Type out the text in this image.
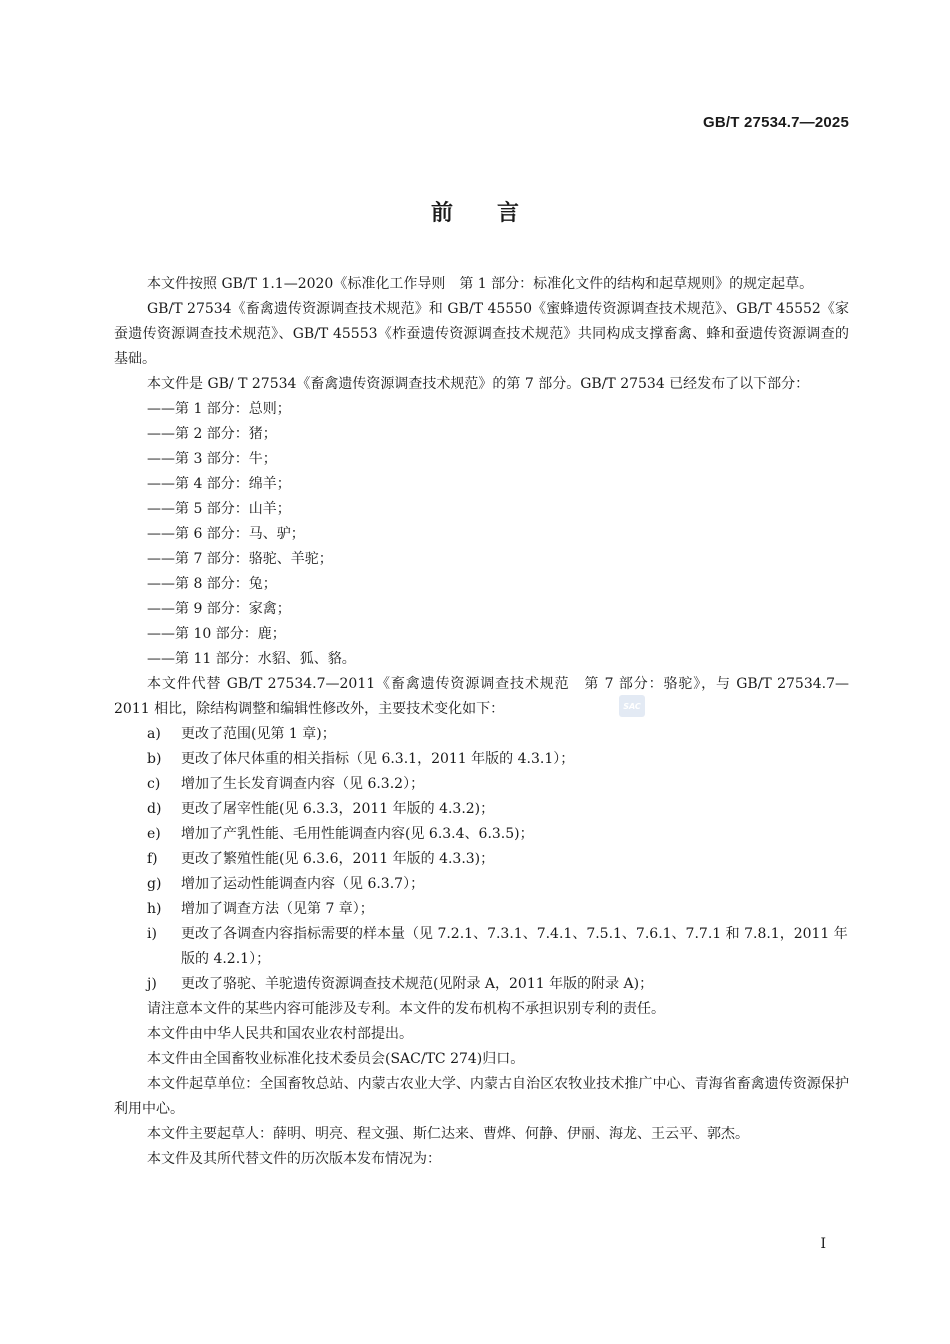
GB/T 27534.7—2025
前　　言

本文件按照 GB/T 1.1—2020《标准化工作导则　第 1 部分：标准化文件的结构和起草规则》的规定起草。

GB/T 27534《畜禽遗传资源调查技术规范》和 GB/T 45550《蜜蜂遗传资源调查技术规范》、GB/T 45552《家蚕遗传资源调查技术规范》、GB/T 45553《柞蚕遗传资源调查技术规范》共同构成支撑畜禽、蜂和蚕遗传资源调查的基础。

本文件是 GB/ T 27534《畜禽遗传资源调查技术规范》的第 7 部分。GB/T 27534 已经发布了以下部分：

——第 1 部分：总则；

——第 2 部分：猪；

——第 3 部分：牛；

——第 4 部分：绵羊；

——第 5 部分：山羊；

——第 6 部分：马、驴；

——第 7 部分：骆驼、羊驼；

——第 8 部分：兔；

——第 9 部分：家禽；

——第 10 部分：鹿；

——第 11 部分：水貂、狐、貉。

本文件代替 GB/T 27534.7—2011《畜禽遗传资源调查技术规范　第 7 部分：骆驼》，与 GB/T 27534.7—2011 相比，除结构调整和编辑性修改外，主要技术变化如下：

a) 更改了范围(见第 1 章)；

b) 更改了体尺体重的相关指标（见 6.3.1，2011 年版的 4.3.1）；

c) 增加了生长发育调查内容（见 6.3.2）；

d) 更改了屠宰性能(见 6.3.3，2011 年版的 4.3.2)；

e) 增加了产乳性能、毛用性能调查内容(见 6.3.4、6.3.5)；

f) 更改了繁殖性能(见 6.3.6，2011 年版的 4.3.3)；

g) 增加了运动性能调查内容（见 6.3.7）；

h) 增加了调查方法（见第 7 章）；

i) 更改了各调查内容指标需要的样本量（见 7.2.1、7.3.1、7.4.1、7.5.1、7.6.1、7.7.1 和 7.8.1，2011 年版的 4.2.1）；

j) 更改了骆驼、羊驼遗传资源调查技术规范(见附录 A，2011 年版的附录 A)；

请注意本文件的某些内容可能涉及专利。本文件的发布机构不承担识别专利的责任。

本文件由中华人民共和国农业农村部提出。

本文件由全国畜牧业标准化技术委员会(SAC/TC 274)归口。

本文件起草单位：全国畜牧总站、内蒙古农业大学、内蒙古自治区农牧业技术推广中心、青海省畜禽遗传资源保护利用中心。

本文件主要起草人：薛明、明亮、程文强、斯仁达来、曹烨、何静、伊丽、海龙、王云平、郭杰。

本文件及其所代替文件的历次版本发布情况为：

SAC
I
